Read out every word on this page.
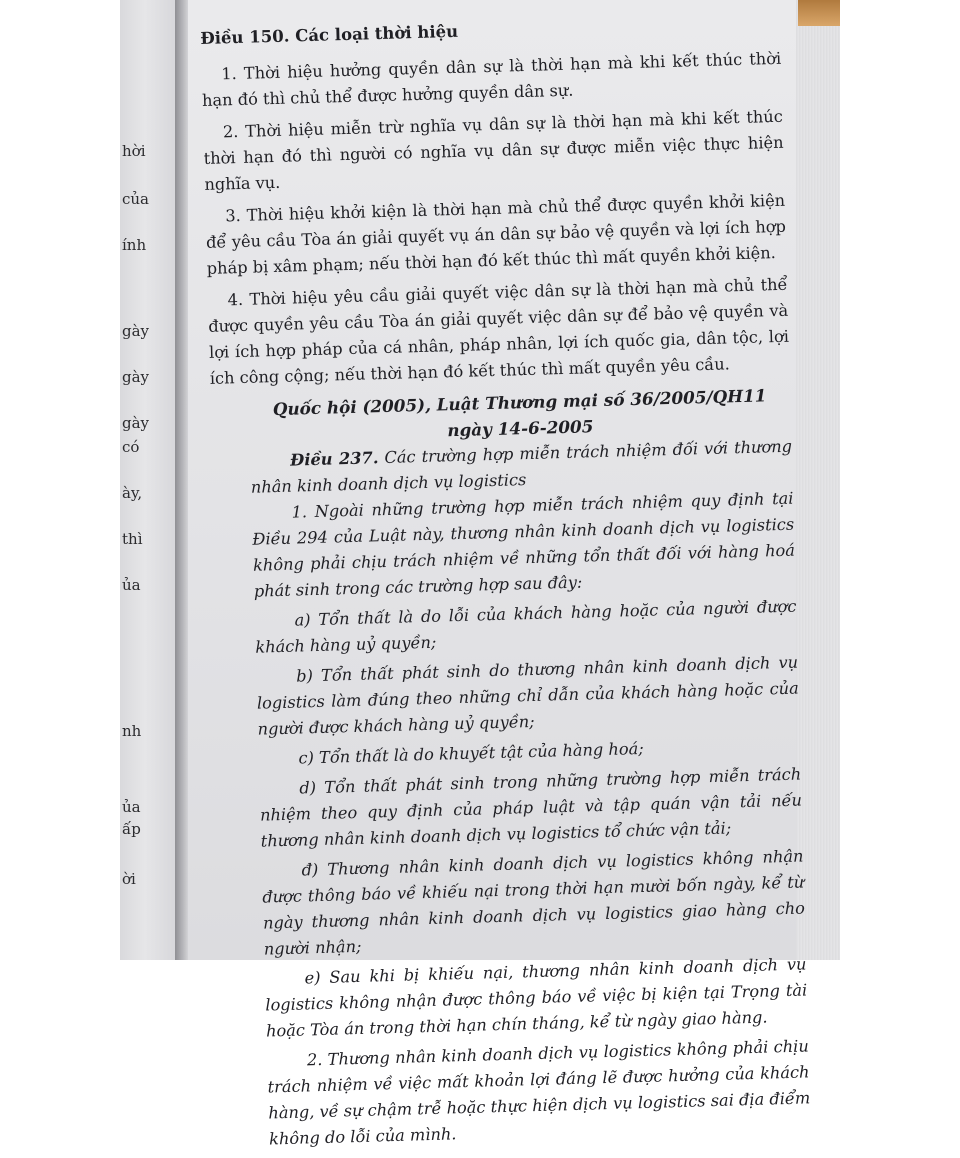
hời
của
ính
gày
gày
gày
có
ày,
thì
ủa
nh
ủa
ấp
ời

Điều 150. Các loại thời hiệu

1. Thời hiệu hưởng quyền dân sự là thời hạn mà khi kết thúc thời hạn đó thì chủ thể được hưởng quyền dân sự.

2. Thời hiệu miễn trừ nghĩa vụ dân sự là thời hạn mà khi kết thúc thời hạn đó thì người có nghĩa vụ dân sự được miễn việc thực hiện nghĩa vụ.

3. Thời hiệu khởi kiện là thời hạn mà chủ thể được quyền khởi kiện để yêu cầu Tòa án giải quyết vụ án dân sự bảo vệ quyền và lợi ích hợp pháp bị xâm phạm; nếu thời hạn đó kết thúc thì mất quyền khởi kiện.

4. Thời hiệu yêu cầu giải quyết việc dân sự là thời hạn mà chủ thể được quyền yêu cầu Tòa án giải quyết việc dân sự để bảo vệ quyền và lợi ích hợp pháp của cá nhân, pháp nhân, lợi ích quốc gia, dân tộc, lợi ích công cộng; nếu thời hạn đó kết thúc thì mất quyền yêu cầu.

Quốc hội (2005), Luật Thương mại số 36/2005/QH11 ngày 14-6-2005

Điều 237. Các trường hợp miễn trách nhiệm đối với thương nhân kinh doanh dịch vụ logistics

1. Ngoài những trường hợp miễn trách nhiệm quy định tại Điều 294 của Luật này, thương nhân kinh doanh dịch vụ logistics không phải chịu trách nhiệm về những tổn thất đối với hàng hoá phát sinh trong các trường hợp sau đây:

a) Tổn thất là do lỗi của khách hàng hoặc của người được khách hàng uỷ quyền;

b) Tổn thất phát sinh do thương nhân kinh doanh dịch vụ logistics làm đúng theo những chỉ dẫn của khách hàng hoặc của người được khách hàng uỷ quyền;

c) Tổn thất là do khuyết tật của hàng hoá;

d) Tổn thất phát sinh trong những trường hợp miễn trách nhiệm theo quy định của pháp luật và tập quán vận tải nếu thương nhân kinh doanh dịch vụ logistics tổ chức vận tải;

đ) Thương nhân kinh doanh dịch vụ logistics không nhận được thông báo về khiếu nại trong thời hạn mười bốn ngày, kể từ ngày thương nhân kinh doanh dịch vụ logistics giao hàng cho người nhận;

e) Sau khi bị khiếu nại, thương nhân kinh doanh dịch vụ logistics không nhận được thông báo về việc bị kiện tại Trọng tài hoặc Tòa án trong thời hạn chín tháng, kể từ ngày giao hàng.

2. Thương nhân kinh doanh dịch vụ logistics không phải chịu trách nhiệm về việc mất khoản lợi đáng lẽ được hưởng của khách hàng, về sự chậm trễ hoặc thực hiện dịch vụ logistics sai địa điểm không do lỗi của mình.
